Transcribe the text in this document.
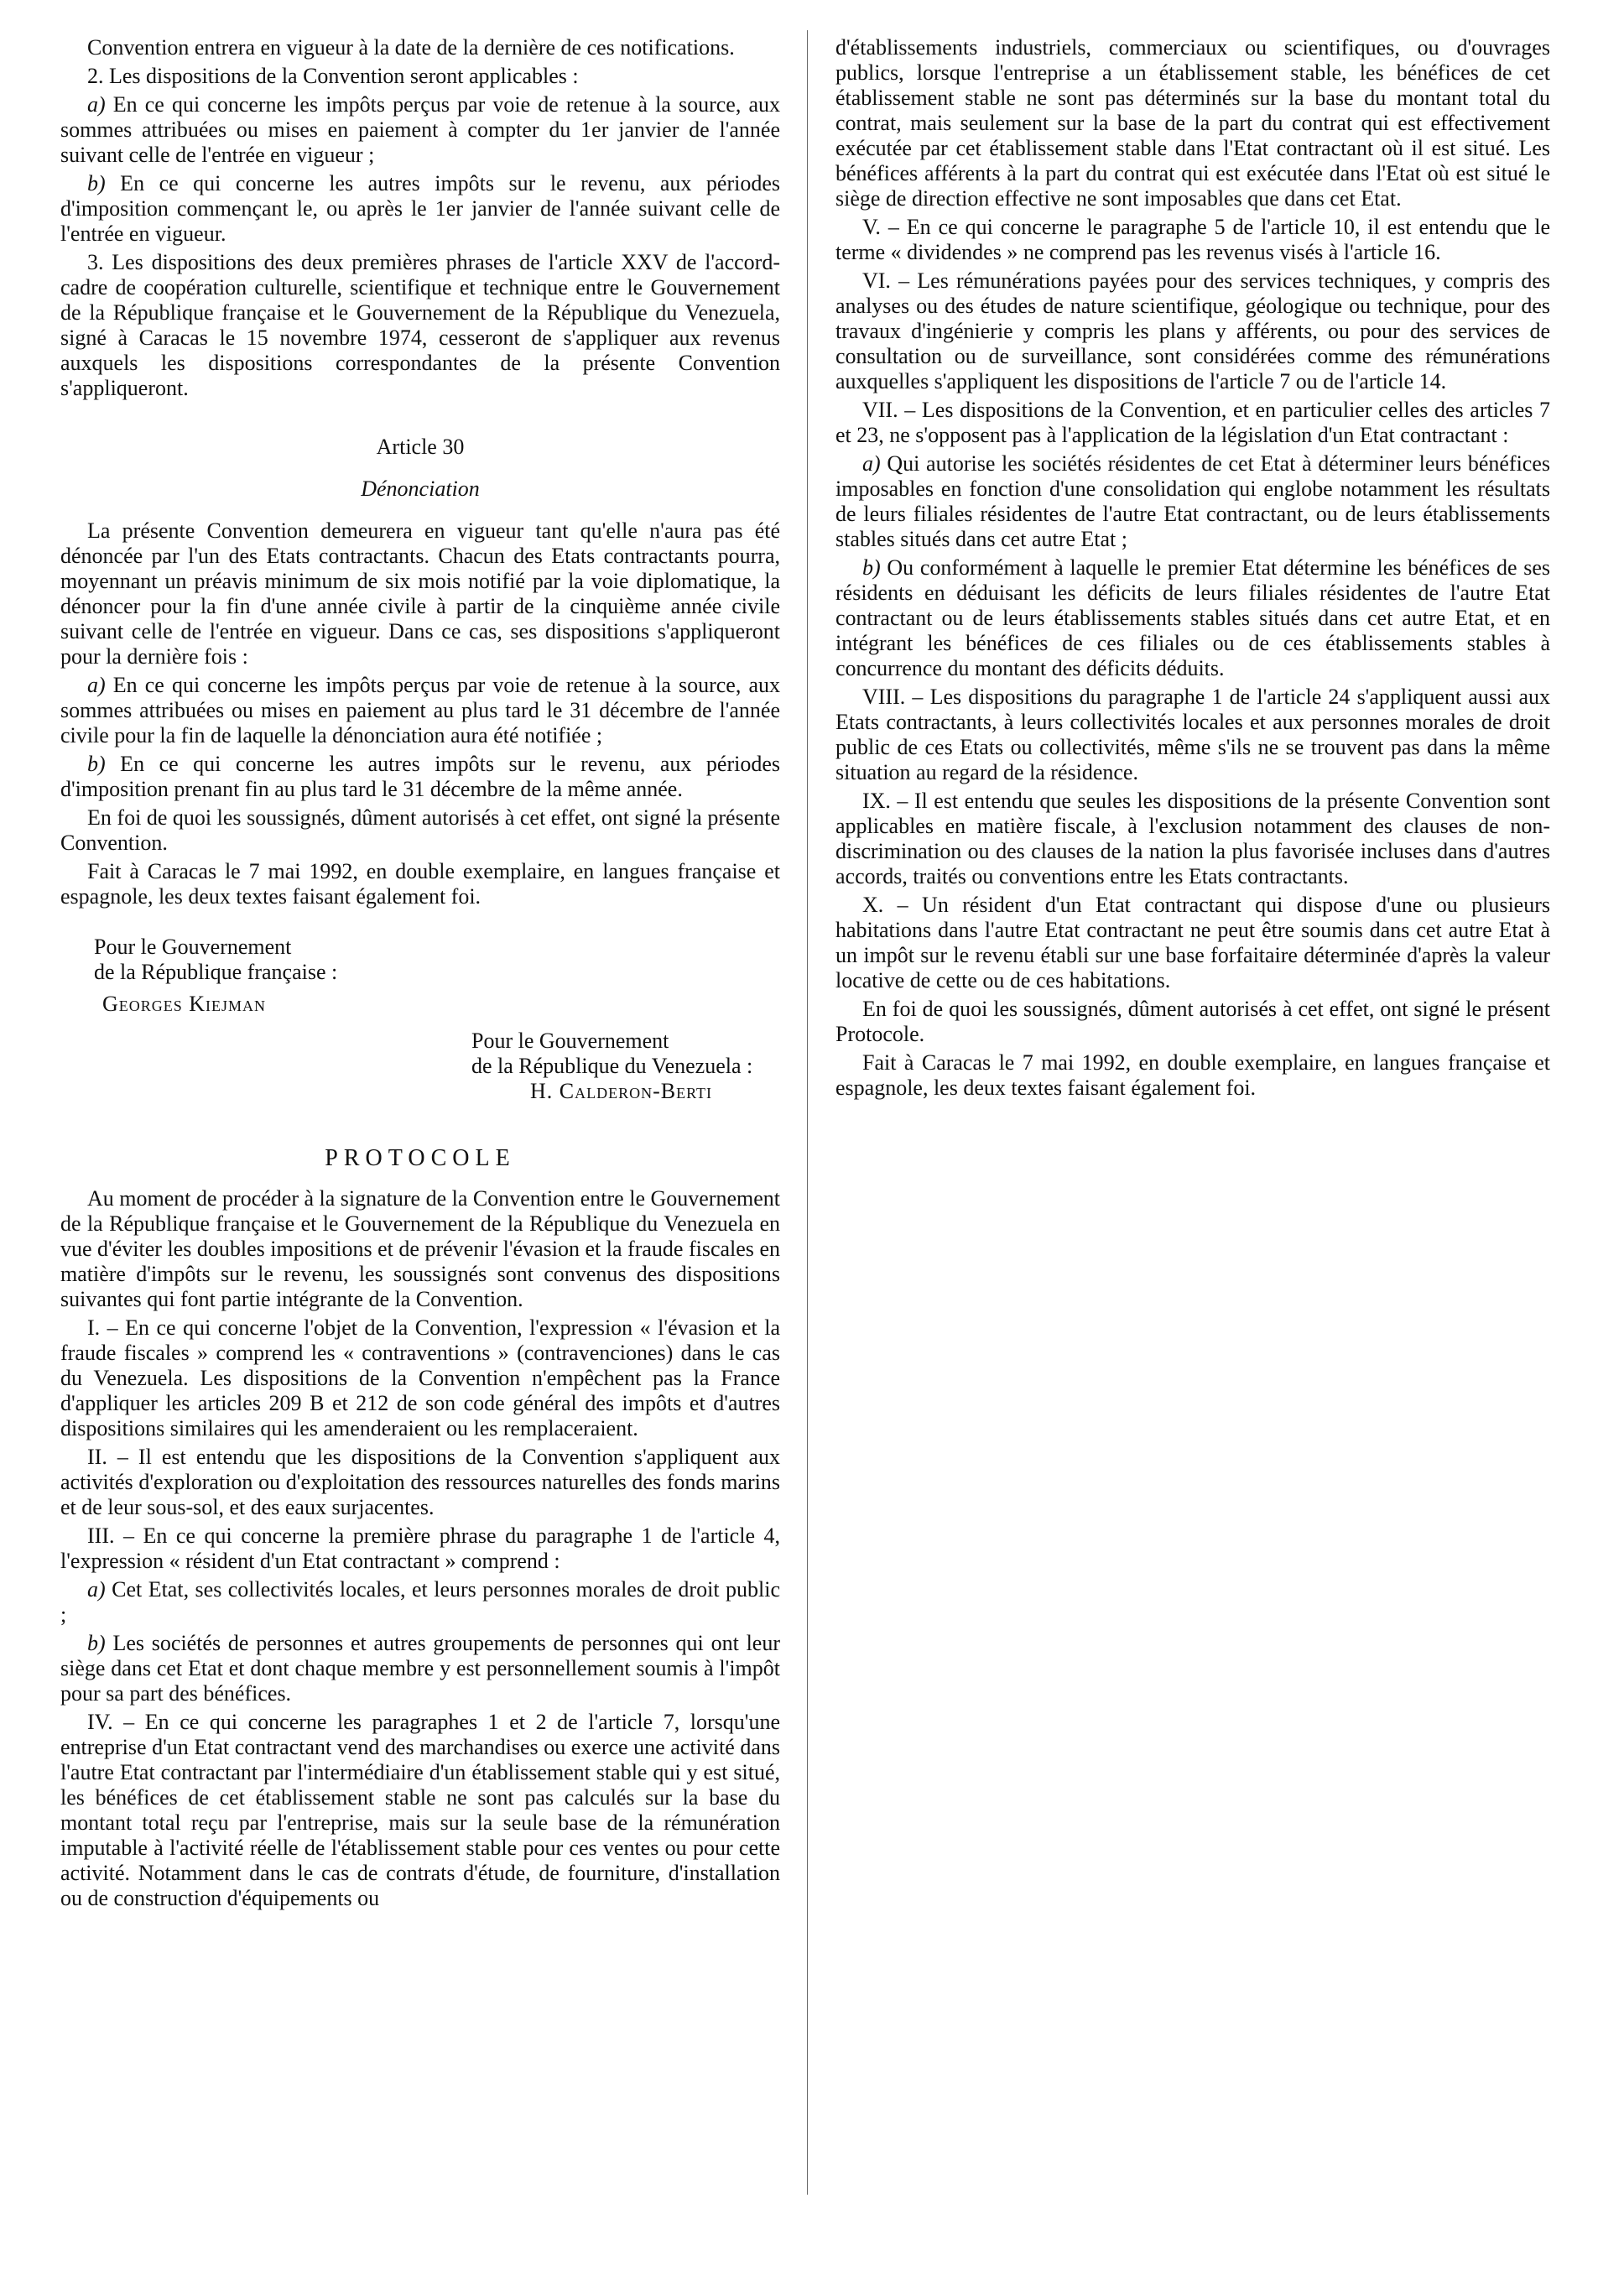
Convention entrera en vigueur à la date de la dernière de ces notifications.

2. Les dispositions de la Convention seront applicables :

a) En ce qui concerne les impôts perçus par voie de retenue à la source, aux sommes attribuées ou mises en paiement à compter du 1er janvier de l'année suivant celle de l'entrée en vigueur ;

b) En ce qui concerne les autres impôts sur le revenu, aux périodes d'imposition commençant le, ou après le 1er janvier de l'année suivant celle de l'entrée en vigueur.

3. Les dispositions des deux premières phrases de l'article XXV de l'accord-cadre de coopération culturelle, scientifique et technique entre le Gouvernement de la République française et le Gouvernement de la République du Venezuela, signé à Caracas le 15 novembre 1974, cesseront de s'appliquer aux revenus auxquels les dispositions correspondantes de la présente Convention s'appliqueront.

Article 30

Dénonciation

La présente Convention demeurera en vigueur tant qu'elle n'aura pas été dénoncée par l'un des Etats contractants. Chacun des Etats contractants pourra, moyennant un préavis minimum de six mois notifié par la voie diplomatique, la dénoncer pour la fin d'une année civile à partir de la cinquième année civile suivant celle de l'entrée en vigueur. Dans ce cas, ses dispositions s'appliqueront pour la dernière fois :

a) En ce qui concerne les impôts perçus par voie de retenue à la source, aux sommes attribuées ou mises en paiement au plus tard le 31 décembre de l'année civile pour la fin de laquelle la dénonciation aura été notifiée ;

b) En ce qui concerne les autres impôts sur le revenu, aux périodes d'imposition prenant fin au plus tard le 31 décembre de la même année.

En foi de quoi les soussignés, dûment autorisés à cet effet, ont signé la présente Convention.

Fait à Caracas le 7 mai 1992, en double exemplaire, en langues française et espagnole, les deux textes faisant également foi.

Pour le Gouvernement

de la République française :

Georges Kiejman

Pour le Gouvernement

de la République du Venezuela :

H. Calderon-Berti

PROTOCOLE

Au moment de procéder à la signature de la Convention entre le Gouvernement de la République française et le Gouvernement de la République du Venezuela en vue d'éviter les doubles impositions et de prévenir l'évasion et la fraude fiscales en matière d'impôts sur le revenu, les soussignés sont convenus des dispositions suivantes qui font partie intégrante de la Convention.

I. – En ce qui concerne l'objet de la Convention, l'expression « l'évasion et la fraude fiscales » comprend les « contraventions » (contravenciones) dans le cas du Venezuela. Les dispositions de la Convention n'empêchent pas la France d'appliquer les articles 209 B et 212 de son code général des impôts et d'autres dispositions similaires qui les amenderaient ou les remplaceraient.

II. – Il est entendu que les dispositions de la Convention s'appliquent aux activités d'exploration ou d'exploitation des ressources naturelles des fonds marins et de leur sous-sol, et des eaux surjacentes.

III. – En ce qui concerne la première phrase du paragraphe 1 de l'article 4, l'expression « résident d'un Etat contractant » comprend :

a) Cet Etat, ses collectivités locales, et leurs personnes morales de droit public ;

b) Les sociétés de personnes et autres groupements de personnes qui ont leur siège dans cet Etat et dont chaque membre y est personnellement soumis à l'impôt pour sa part des bénéfices.

IV. – En ce qui concerne les paragraphes 1 et 2 de l'article 7, lorsqu'une entreprise d'un Etat contractant vend des marchandises ou exerce une activité dans l'autre Etat contractant par l'intermédiaire d'un établissement stable qui y est situé, les bénéfices de cet établissement stable ne sont pas calculés sur la base du montant total reçu par l'entreprise, mais sur la seule base de la rémunération imputable à l'activité réelle de l'établissement stable pour ces ventes ou pour cette activité. Notamment dans le cas de contrats d'étude, de fourniture, d'installation ou de construction d'équipements ou

d'établissements industriels, commerciaux ou scientifiques, ou d'ouvrages publics, lorsque l'entreprise a un établissement stable, les bénéfices de cet établissement stable ne sont pas déterminés sur la base du montant total du contrat, mais seulement sur la base de la part du contrat qui est effectivement exécutée par cet établissement stable dans l'Etat contractant où il est situé. Les bénéfices afférents à la part du contrat qui est exécutée dans l'Etat où est situé le siège de direction effective ne sont imposables que dans cet Etat.

V. – En ce qui concerne le paragraphe 5 de l'article 10, il est entendu que le terme « dividendes » ne comprend pas les revenus visés à l'article 16.

VI. – Les rémunérations payées pour des services techniques, y compris des analyses ou des études de nature scientifique, géologique ou technique, pour des travaux d'ingénierie y compris les plans y afférents, ou pour des services de consultation ou de surveillance, sont considérées comme des rémunérations auxquelles s'appliquent les dispositions de l'article 7 ou de l'article 14.

VII. – Les dispositions de la Convention, et en particulier celles des articles 7 et 23, ne s'opposent pas à l'application de la législation d'un Etat contractant :

a) Qui autorise les sociétés résidentes de cet Etat à déterminer leurs bénéfices imposables en fonction d'une consolidation qui englobe notamment les résultats de leurs filiales résidentes de l'autre Etat contractant, ou de leurs établissements stables situés dans cet autre Etat ;

b) Ou conformément à laquelle le premier Etat détermine les bénéfices de ses résidents en déduisant les déficits de leurs filiales résidentes de l'autre Etat contractant ou de leurs établissements stables situés dans cet autre Etat, et en intégrant les bénéfices de ces filiales ou de ces établissements stables à concurrence du montant des déficits déduits.

VIII. – Les dispositions du paragraphe 1 de l'article 24 s'appliquent aussi aux Etats contractants, à leurs collectivités locales et aux personnes morales de droit public de ces Etats ou collectivités, même s'ils ne se trouvent pas dans la même situation au regard de la résidence.

IX. – Il est entendu que seules les dispositions de la présente Convention sont applicables en matière fiscale, à l'exclusion notamment des clauses de non-discrimination ou des clauses de la nation la plus favorisée incluses dans d'autres accords, traités ou conventions entre les Etats contractants.

X. – Un résident d'un Etat contractant qui dispose d'une ou plusieurs habitations dans l'autre Etat contractant ne peut être soumis dans cet autre Etat à un impôt sur le revenu établi sur une base forfaitaire déterminée d'après la valeur locative de cette ou de ces habitations.

En foi de quoi les soussignés, dûment autorisés à cet effet, ont signé le présent Protocole.

Fait à Caracas le 7 mai 1992, en double exemplaire, en langues française et espagnole, les deux textes faisant également foi.
